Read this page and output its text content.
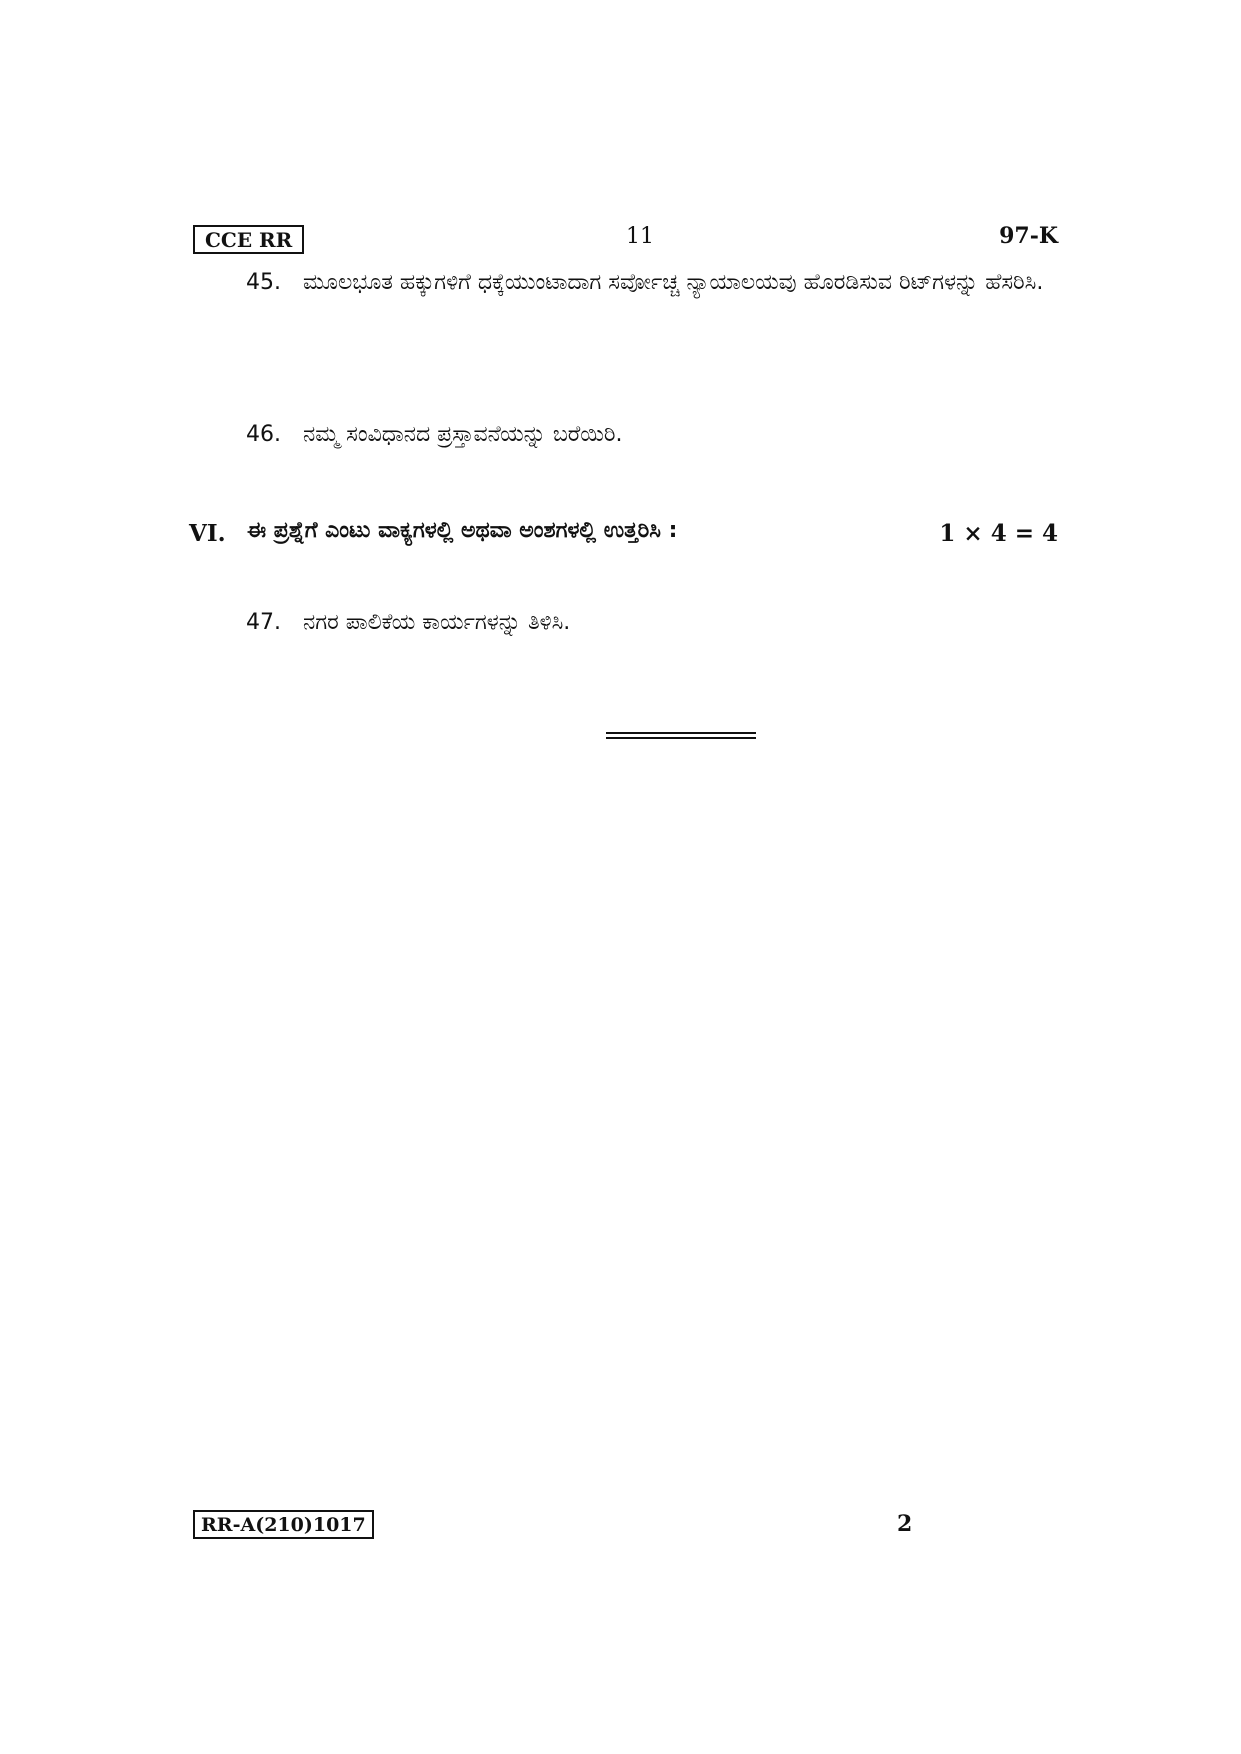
CCE RR	11	97-K
45. ಮೂಲಭೂತ ಹಕ್ಕುಗಳಿಗೆ ಧಕ್ಕೆಯುಂಟಾದಾಗ ಸರ್ವೋಚ್ಚ ನ್ಯಾಯಾಲಯವು ಹೊರಡಿಸುವ ರಿಟ್‌ಗಳನ್ನು ಹೆಸರಿಸಿ.
46. ನಮ್ಮ ಸಂವಿಧಾನದ ಪ್ರಸ್ತಾವನೆಯನ್ನು ಬರೆಯಿರಿ.
VI. ಈ ಪ್ರಶ್ನೆಗೆ ಎಂಟು ವಾಕ್ಯಗಳಲ್ಲಿ ಅಥವಾ ಅಂಶಗಳಲ್ಲಿ ಉತ್ತರಿಸಿ :	1 × 4 = 4
47. ನಗರ ಪಾಲಿಕೆಯ ಕಾರ್ಯಗಳನ್ನು ತಿಳಿಸಿ.
RR-A(210)1017	2
